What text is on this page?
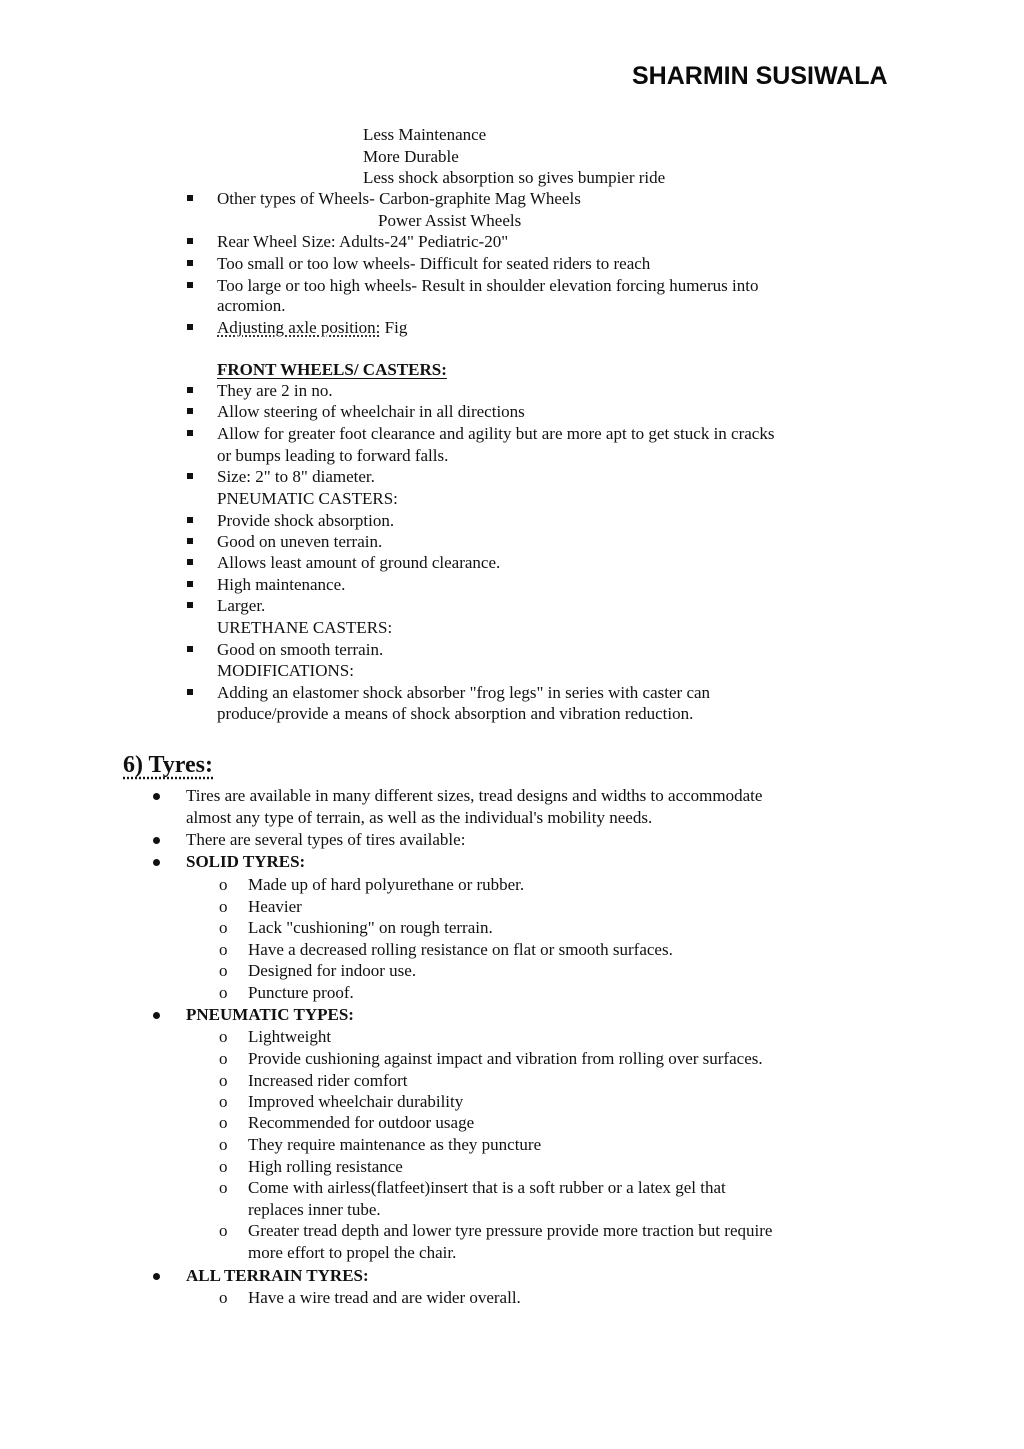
SHARMIN SUSIWALA
Less Maintenance
More Durable
Less shock absorption so gives bumpier ride
Other types of Wheels- Carbon-graphite Mag Wheels
Power Assist Wheels
Rear Wheel Size: Adults-24" Pediatric-20"
Too small or too low wheels- Difficult for seated riders to reach
Too large or too high wheels- Result in shoulder elevation forcing humerus into
acromion.
Adjusting axle position: Fig
FRONT WHEELS/ CASTERS:
They are 2 in no.
Allow steering of wheelchair in all directions
Allow for greater foot clearance and agility but are more apt to get stuck in cracks
or bumps leading to forward falls.
Size: 2" to 8" diameter.
PNEUMATIC CASTERS:
Provide shock absorption.
Good on uneven terrain.
Allows least amount of ground clearance.
High maintenance.
Larger.
URETHANE CASTERS:
Good on smooth terrain.
MODIFICATIONS:
Adding an elastomer shock absorber "frog legs" in series with caster can
produce/provide a means of shock absorption and vibration reduction.
6) Tyres:
Tires are available in many different sizes, tread designs and widths to accommodate
almost any type of terrain, as well as the individual's mobility needs.
There are several types of tires available:
SOLID TYRES:
o Made up of hard polyurethane or rubber.
o Heavier
o Lack "cushioning" on rough terrain.
o Have a decreased rolling resistance on flat or smooth surfaces.
o Designed for indoor use.
o Puncture proof.
PNEUMATIC TYPES:
o Lightweight
o Provide cushioning against impact and vibration from rolling over surfaces.
o Increased rider comfort
o Improved wheelchair durability
o Recommended for outdoor usage
o They require maintenance as they puncture
o High rolling resistance
o Come with airless(flatfeet)insert that is a soft rubber or a latex gel that
replaces inner tube.
o Greater tread depth and lower tyre pressure provide more traction but require
more effort to propel the chair.
ALL TERRAIN TYRES:
o Have a wire tread and are wider overall.
